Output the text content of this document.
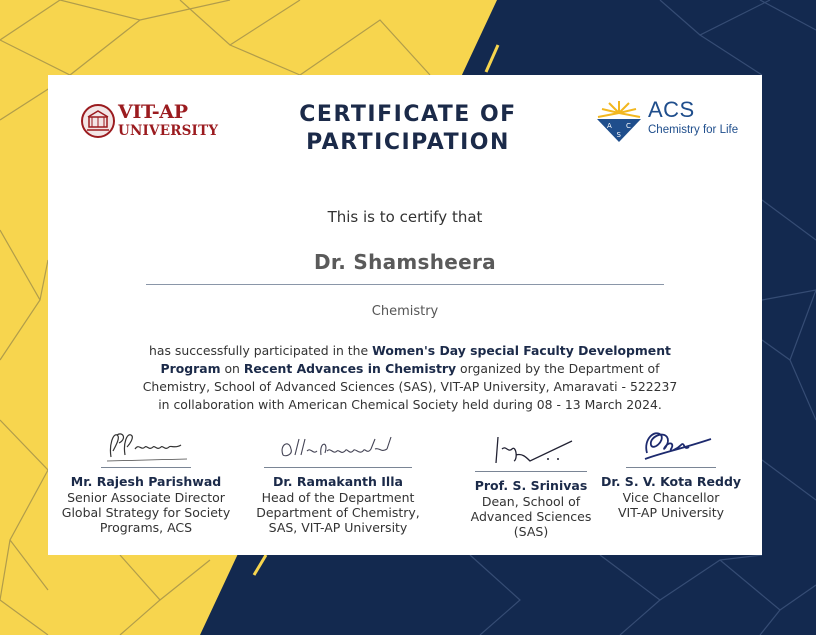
VIT-AP
UNIVERSITY
CERTIFICATE OF
PARTICIPATION
A C
S
ACS
Chemistry for Life
This is to certify that
Dr. Shamsheera
Chemistry
has successfully participated in the Women's Day special Faculty Development Program on Recent Advances in Chemistry organized by the Department of Chemistry, School of Advanced Sciences (SAS), VIT-AP University, Amaravati - 522237 in collaboration with American Chemical Society held during 08 - 13 March 2024.
Mr. Rajesh Parishwad
Senior Associate Director
Global Strategy for Society
Programs, ACS
Dr. Ramakanth Illa
Head of the Department
Department of Chemistry,
SAS, VIT-AP University
Prof. S. Srinivas
Dean, School of
Advanced Sciences
(SAS)
Dr. S. V. Kota Reddy
Vice Chancellor
VIT-AP University
